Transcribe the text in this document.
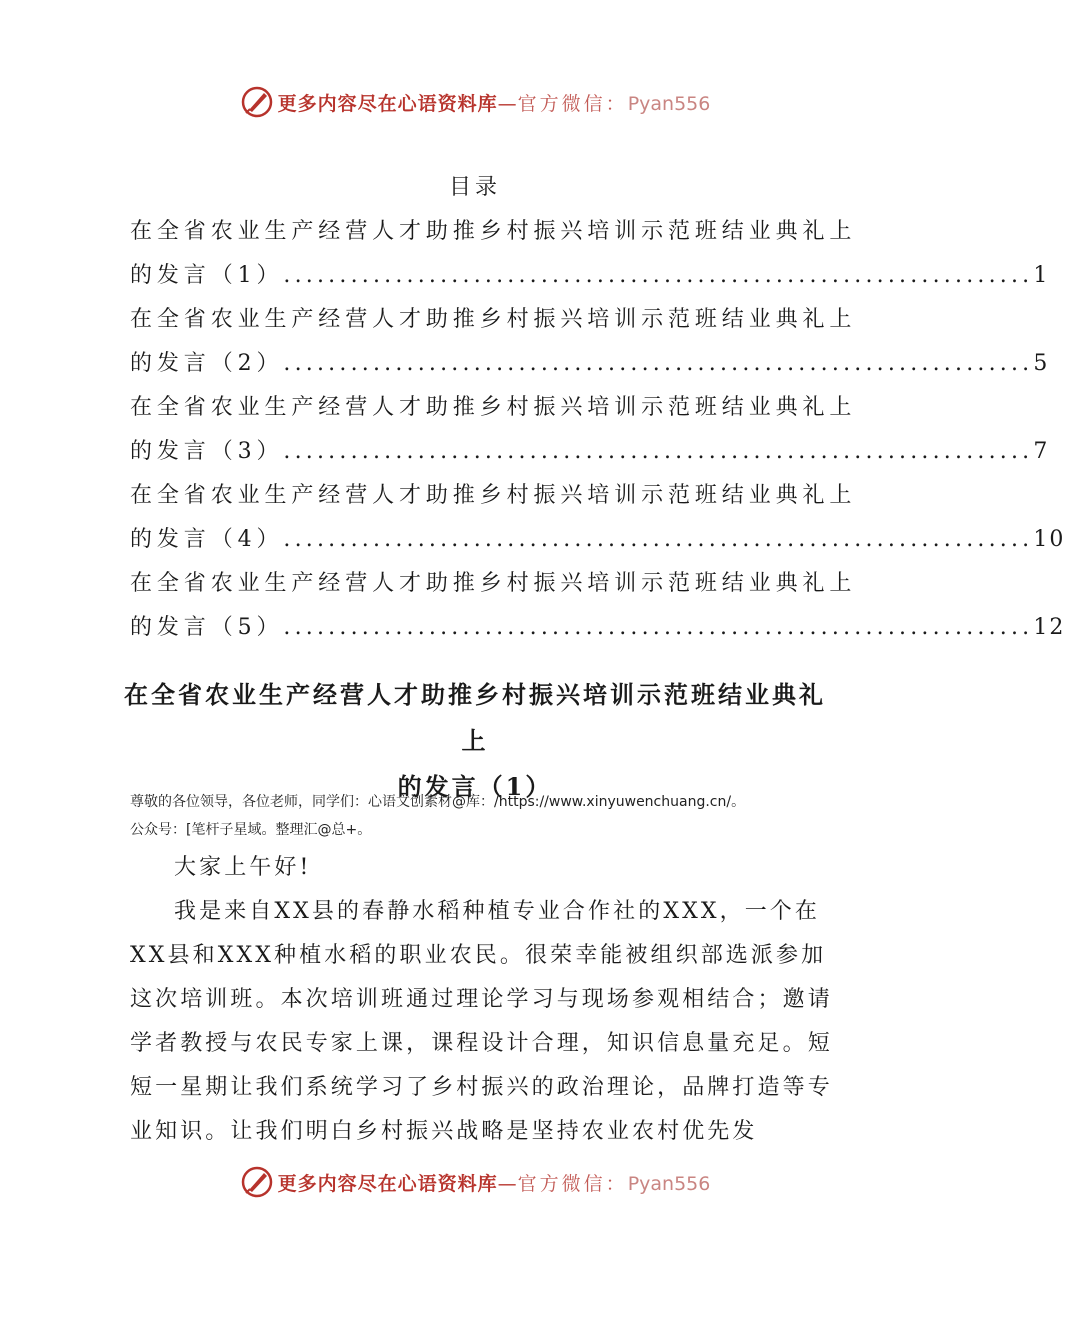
更多内容尽在心语资料库—官方微信：Pyan556
目录
在全省农业生产经营人才助推乡村振兴培训示范班结业典礼上
的发言（1） ................................................................... 1
在全省农业生产经营人才助推乡村振兴培训示范班结业典礼上
的发言（2） ................................................................... 5
在全省农业生产经营人才助推乡村振兴培训示范班结业典礼上
的发言（3） ................................................................... 7
在全省农业生产经营人才助推乡村振兴培训示范班结业典礼上
的发言（4） ................................................................... 10
在全省农业生产经营人才助推乡村振兴培训示范班结业典礼上
的发言（5） ................................................................... 12
在全省农业生产经营人才助推乡村振兴培训示范班结业典礼上
的发言（1）
尊敬的各位领导，各位老师，同学们：心语文创素材@库：/https://www.xinyuwenchuang.cn/。
公众号：[笔杆子星域。整理汇@总+。

大家上午好!

我是来自XX县的春静水稻种植专业合作社的XXX，一个在XX县和XXX种植水稻的职业农民。很荣幸能被组织部选派参加这次培训班。本次培训班通过理论学习与现场参观相结合；邀请学者教授与农民专家上课，课程设计合理，知识信息量充足。短短一星期让我们系统学习了乡村振兴的政治理论，品牌打造等专业知识。让我们明白乡村振兴战略是坚持农业农村优先发

更多内容尽在心语资料库—官方微信：Pyan556
